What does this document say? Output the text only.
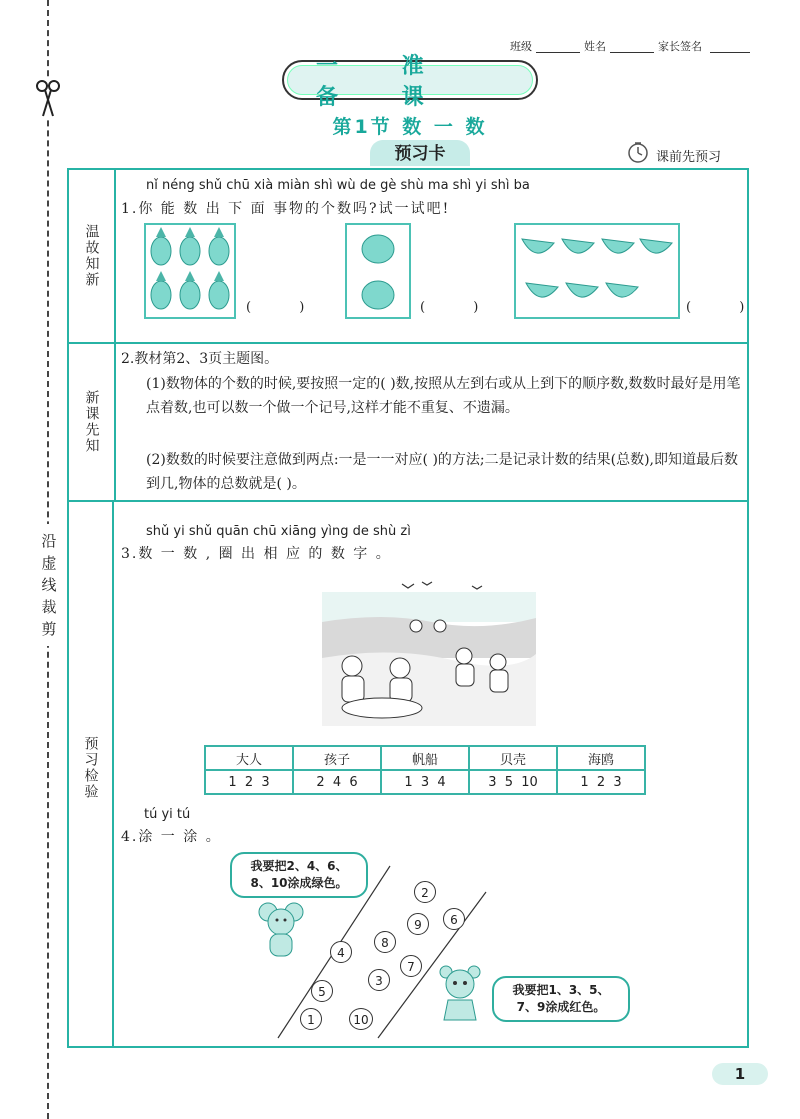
沿
虚
线
裁
剪
班级	姓名	家长签名
一 准 备 课
第1节 数 一 数
预习卡	课前先预习
温故知新
新课先知
预习检验
nǐ néng shǔ chū xià miàn shì wù de gè shù ma shì yi shì ba
1.你 能 数 出 下 面 事物的个数吗?试一试吧!
( )	( )	( )
2.教材第2、3页主题图。
(1)数物体的个数的时候,要按照一定的( )数,按照从左到右或从上到下的顺序数,数数时最好是用笔点着数,也可以数一个做一个记号,这样才能不重复、不遗漏。
(2)数数的时候要注意做到两点:一是一一对应( )的方法;二是记录计数的结果(总数),即知道最后数到几,物体的总数就是( )。
shǔ yi shǔ quān chū xiāng yìng de shù zì
3.数 一 数 , 圈 出 相 应 的 数 字 。
大人	孩子	帆船	贝壳	海鸥
1  2  3	2  4  6	1  3  4	3  5  10	1  2  3
tú yi tú
4.涂 一 涂 。
我要把2、4、6、
8、10涂成绿色。
2
9	6
8
4
7
3
5
1	10
我要把1、3、5、
7、9涂成红色。
1
